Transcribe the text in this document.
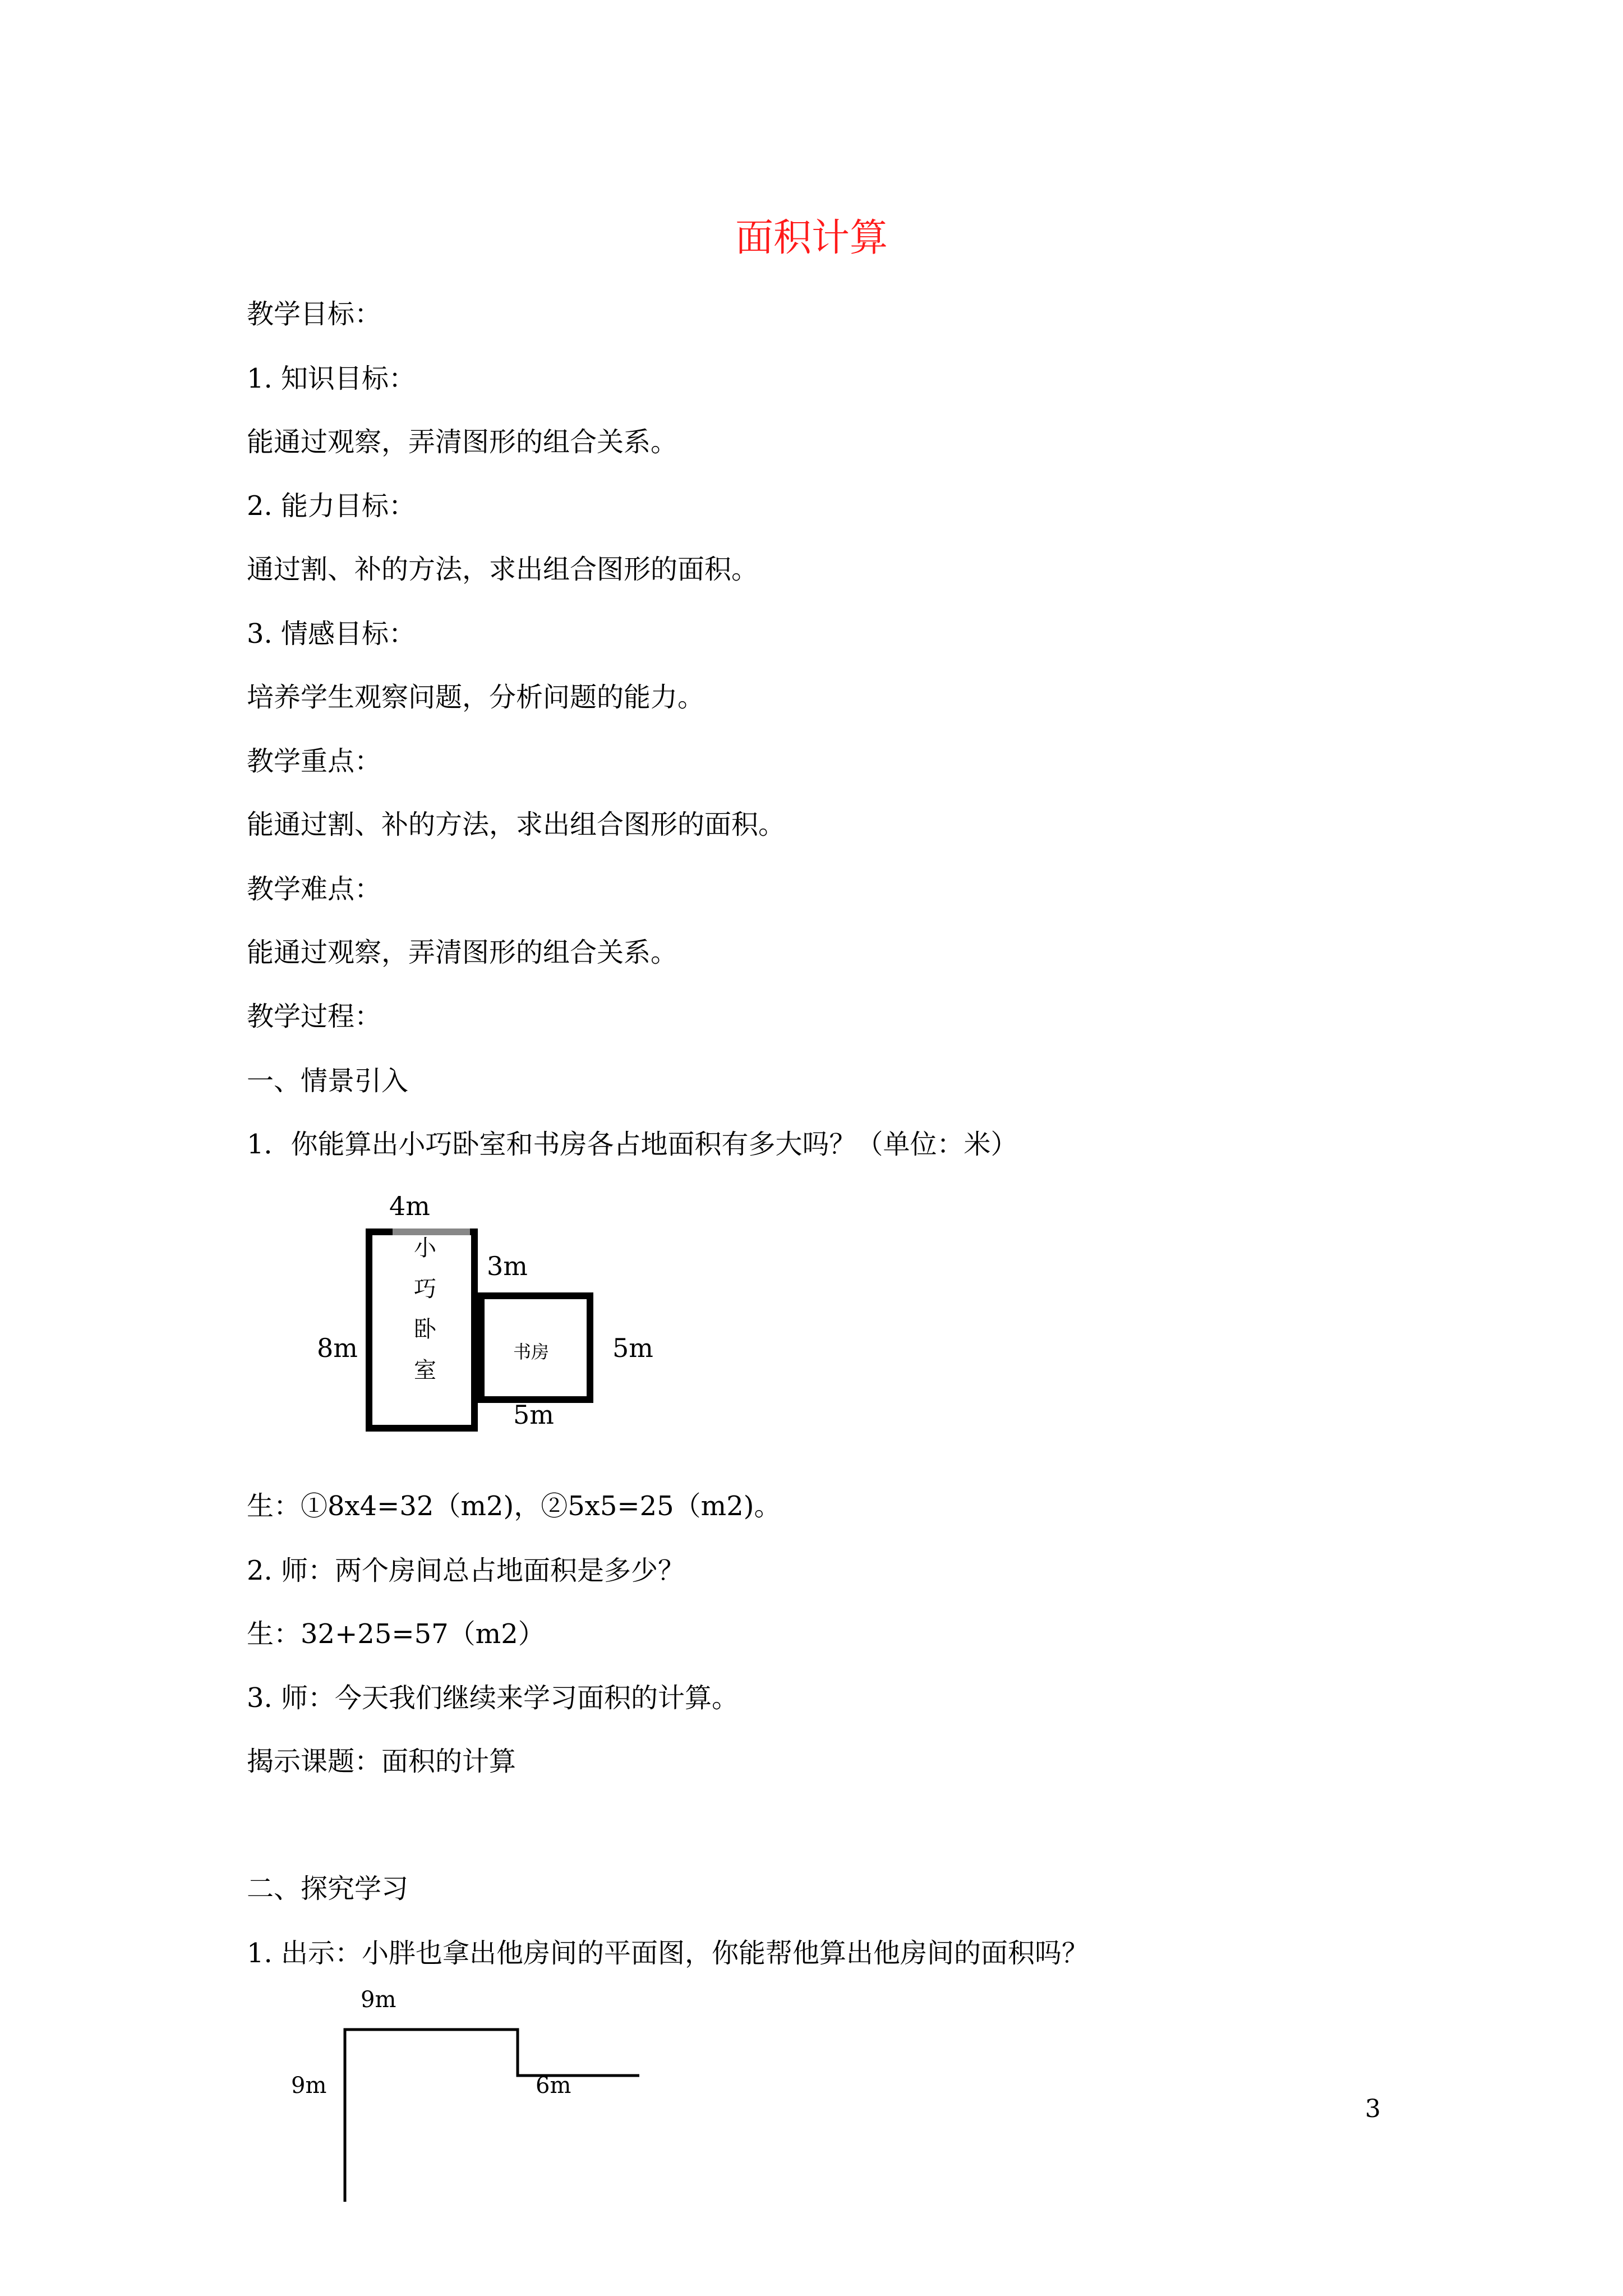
面积计算
教学目标：
1. 知识目标：
能通过观察，弄清图形的组合关系。
2. 能力目标：
通过割、补的方法，求出组合图形的面积。
3. 情感目标：
培养学生观察问题，分析问题的能力。
教学重点：
能通过割、补的方法，求出组合图形的面积。
教学难点：
能通过观察，弄清图形的组合关系。
教学过程：
一、情景引入
1．你能算出小巧卧室和书房各占地面积有多大吗？（单位：米）
4m
8m
3m
5m
5m
小
巧
卧
室
书房
生：①8x4=32（m2)，②5x5=25（m2)。
2. 师：两个房间总占地面积是多少？
生：32+25=57（m2）
3. 师：今天我们继续来学习面积的计算。
揭示课题：面积的计算
二、探究学习
1. 出示：小胖也拿出他房间的平面图，你能帮他算出他房间的面积吗？
9m
9m	6m
3
